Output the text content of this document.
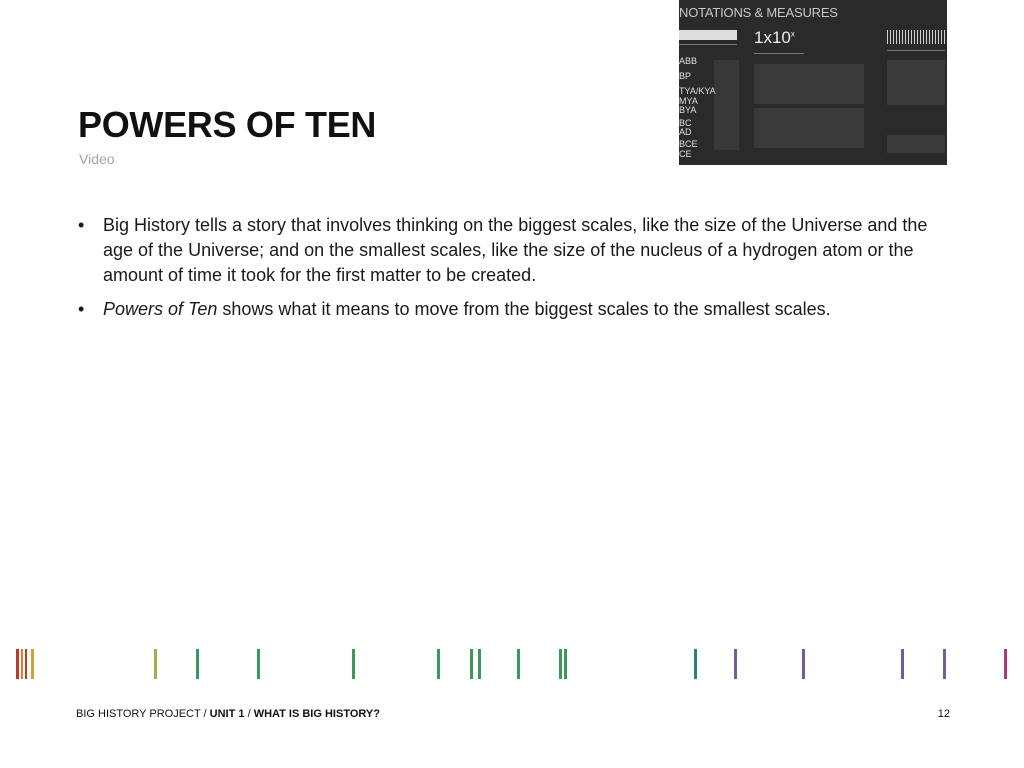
POWERS OF TEN
Video
NOTATIONS & MEASURES
1x10$^x$
ABB
BP
TYA/KYA
MYA
BYA
BC
AD
BCE
CE
• Big History tells a story that involves thinking on the biggest scales, like the size of the Universe and the age of the Universe; and on the smallest scales, like the size of the nucleus of a hydrogen atom or the amount of time it took for the first matter to be created.
• Powers of Ten shows what it means to move from the biggest scales to the smallest scales.
BIG HISTORY PROJECT / UNIT 1 / WHAT IS BIG HISTORY?	12
